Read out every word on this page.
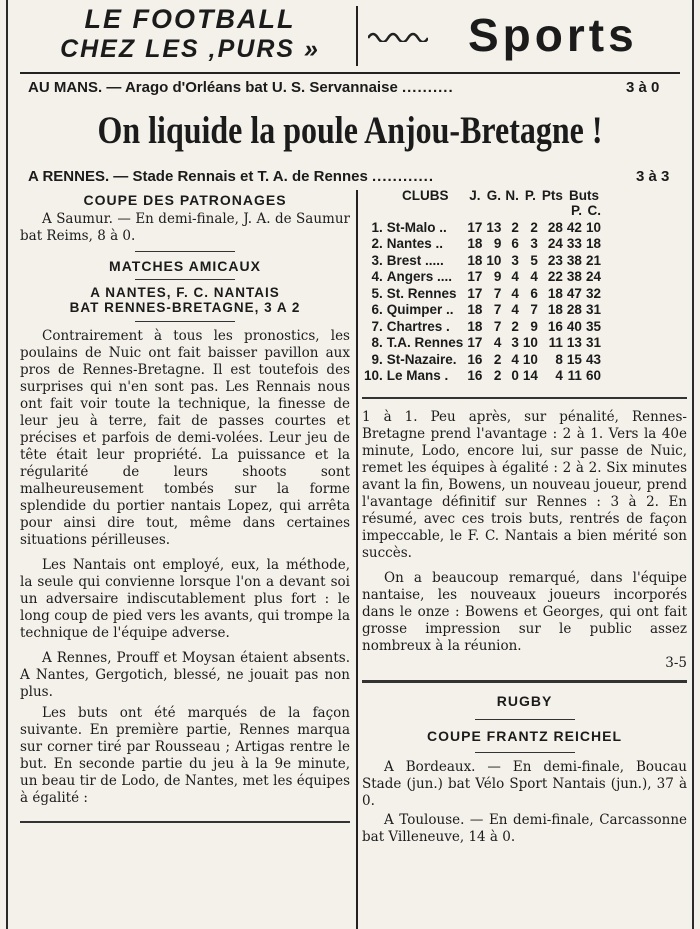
LE FOOTBALL
CHEZ LES ‚PURS »	Sports
AU MANS. — Arago d'Orléans bat U. S. Servannaise ..........	3 à 0
On liquide la poule Anjou-Bretagne !
A RENNES. — Stade Rennais et T. A. de Rennes ............	3 à 3

COUPE DES PATRONAGES

A Saumur. — En demi-finale, J. A. de Saumur bat Reims, 8 à 0.

MATCHES AMICAUX

A NANTES, F. C. NANTAIS

BAT RENNES-BRETAGNE, 3 A 2

Contrairement à tous les pronostics, les poulains de Nuic ont fait baisser pavillon aux pros de Rennes-Bretagne. Il est toutefois des surprises qui n'en sont pas. Les Rennais nous ont fait voir toute la technique, la finesse de leur jeu à terre, fait de passes courtes et précises et parfois de demi-volées. Leur jeu de tête était leur propriété. La puissance et la régularité de leurs shoots sont malheureusement tombés sur la forme splendide du portier nantais Lopez, qui arrêta pour ainsi dire tout, même dans certaines situations périlleuses.

Les Nantais ont employé, eux, la méthode, la seule qui convienne lorsque l'on a devant soi un adversaire indiscutablement plus fort : le long coup de pied vers les avants, qui trompe la technique de l'équipe adverse.

A Rennes, Prouff et Moysan étaient absents. A Nantes, Gergotich, blessé, ne jouait pas non plus.

Les buts ont été marqués de la façon suivante. En première partie, Rennes marqua sur corner tiré par Rousseau ; Artigas rentre le but. En seconde partie du jeu à la 9e minute, un beau tir de Lodo, de Nantes, met les équipes à égalité :

CLUBS		J.	G.	N.	P.	Pts	Buts	
							P.	C.
1.	St-Malo ..	17	13	2	2	28	42	10
2.	Nantes ..	18	9	6	3	24	33	18
3.	Brest .....	18	10	3	5	23	38	21
4.	Angers ....	17	9	4	4	22	38	24
5.	St. Rennes	17	7	4	6	18	47	32
6.	Quimper ..	18	7	4	7	18	28	31
7.	Chartres .	18	7	2	9	16	40	35
8.	T.A. Rennes	17	4	3	10	11	13	31
9.	St-Nazaire.	16	2	4	10	8	15	43
10.	Le Mans .	16	2	0	14	4	11	60

1 à 1. Peu après, sur pénalité, Rennes-Bretagne prend l'avantage : 2 à 1. Vers la 40e minute, Lodo, encore lui, sur passe de Nuic, remet les équipes à égalité : 2 à 2. Six minutes avant la fin, Bowens, un nouveau joueur, prend l'avantage définitif sur Rennes : 3 à 2. En résumé, avec ces trois buts, rentrés de façon impeccable, le F. C. Nantais a bien mérité son succès.

On a beaucoup remarqué, dans l'équipe nantaise, les nouveaux joueurs incorporés dans le onze : Bowens et Georges, qui ont fait grosse impression sur le public assez nombreux à la réunion.

3-5

RUGBY

COUPE FRANTZ REICHEL

A Bordeaux. — En demi-finale, Boucau Stade (jun.) bat Vélo Sport Nantais (jun.), 37 à 0.

A Toulouse. — En demi-finale, Carcassonne bat Villeneuve, 14 à 0.
